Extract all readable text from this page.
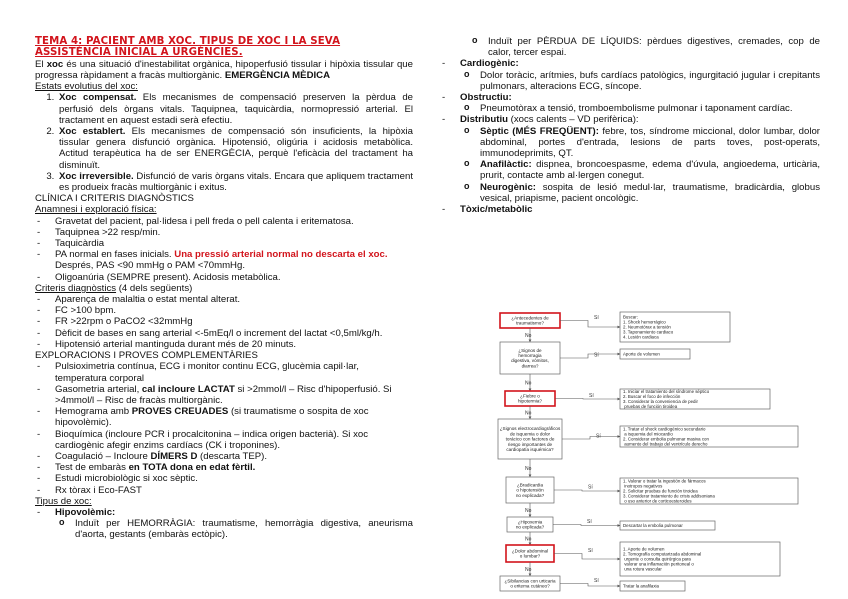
TEMA 4: PACIENT AMB XOC. TIPUS DE XOC I LA SEVA ASSISTÈNCIA INICIAL A URGÈNCIES.

El xoc és una situació d'inestabilitat orgànica, hipoperfusió tissular i hipòxia tissular que progressa ràpidament a fracàs multiorgànic. EMERGÈNCIA MÈDICA

Estats evolutius del xoc:

1. Xoc compensat. Els mecanismes de compensació preserven la pèrdua de perfusió dels òrgans vitals. Taquipnea, taquicàrdia, normopressió arterial. El tractament en aquest estadi serà efectiu.
2. Xoc establert. Els mecanismes de compensació són insuficients, la hipòxia tissular genera disfunció orgànica. Hipotensió, oligúria i acidosis metabòlica. Actitud terapèutica ha de ser ENERGÈCIA, perquè l'eficàcia del tractament ha disminuït.
3. Xoc irreversible. Disfunció de varis òrgans vitals. Encara que apliquem tractament es produeix fracàs multiorgànic i exitus.

CLÍNICA I CRITERIS DIAGNÒSTICS

Anamnesi i exploració física:

- Gravetat del pacient, pal·lidesa i pell freda o pell calenta i eritematosa.
- Taquipnea >22 resp/min.
- Taquicàrdia
- PA normal en fases inicials. Una pressió arterial normal no descarta el xoc. Després, PAS <90 mmHg o PAM <70mmHg.
- Oligoanúria (SEMPRE present). Acidosis metabòlica.

Criteris diagnòstics (4 dels següents)

- Aparença de malaltia o estat mental alterat.
- FC >100 bpm.
- FR >22rpm o PaCO2 <32mmHg
- Dèficit de bases en sang arterial <-5mEq/l o increment del lactat <0,5ml/kg/h.
- Hipotensió arterial mantinguda durant més de 20 minuts.

EXPLORACIONS I PROVES COMPLEMENTÀRIES

- Pulsioximetria contínua, ECG i monitor continu ECG, glucèmia capil·lar, temperatura corporal
- Gasometria arterial, cal incloure LACTAT si >2mmol/l – Risc d'hipoperfusió. Si >4mmol/l – Risc de fracàs multiorgànic.
- Hemograma amb PROVES CREUADES (si traumatisme o sospita de xoc hipovolèmic).
- Bioquímica (incloure PCR i procalcitonina – indica origen bacterià). Si xoc cardiogènic afegir enzims cardíacs (CK i troponines).
- Coagulació – Incloure DÍMERS D (descarta TEP).
- Test de embaràs en TOTA dona en edat fèrtil.
- Estudi microbiològic si xoc sèptic.
- Rx tòrax i Eco-FAST

Tipus de xoc:

- Hipovolèmic:
o Induït per HEMORRÀGIA: traumatisme, hemorràgia digestiva, aneurisma d'aorta, gestants (embaràs ectòpic).
o Induït per PÈRDUA DE LÍQUIDS: pèrdues digestives, cremades, cop de calor, tercer espai.
- Cardiogènic:
o Dolor toràcic, arítmies, bufs cardíacs patològics, ingurgitació jugular i crepitants pulmonars, alteracions ECG, síncope.
- Obstructiu:
o Pneumotòrax a tensió, tromboembolisme pulmonar i taponament cardíac.
- Distributiu (xocs calents – VD perifèrica):
o Sèptic (MÉS FREQÜENT): febre, tos, síndrome miccional, dolor lumbar, dolor abdominal, portes d'entrada, lesions de parts toves, post-operats, immunodeprimits, QT.
o Anafilàctic: dispnea, broncoespasme, edema d'úvula, angioedema, urticària, prurit, contacte amb al·lergen conegut.
o Neurogènic: sospita de lesió medul·lar, traumatisme, bradicàrdia, globus vesical, priapisme, pacient oncològic.
- Tòxic/metabòlic
¿Antecedentes de traumatismo?
Buscar: 1. Shock hemorrágico 2. Neumotórax a tensión 3. Taponamiento cardiaco 4. Lesión cardiaca
Sí
No
¿Signos de hemorragia digestiva, vómitos, diarrea?
Aporte de volumen
Sí
No
¿Fiebre o hipotermia?
1. Iniciar el tratamiento del síndrome séptico 2. Buscar el foco de infección 3. Considerar la conveniencia de pedir pruebas de función tiroidea
Sí
No
¿Signos electrocardiográficos de isquemia o dolor torácico con factores de riesgo importantes de cardiopatía isquémica?
1. Tratar el shock cardiogénico secundario a isquemia del miocardio 2. Considerar embolia pulmonar masiva con aumento del trabajo del ventrículo derecho
Sí
No
¿Bradicardia o hipotensión no explicada?
1. Valorar o tratar la ingestión de fármacos inotropos negativos 2. Solicitar pruebas de función tiroidea 3. Considerar tratamiento de crisis addisoniana o uso anterior de corticoesteroides
Sí
No
¿Hipoxemia no explicada?	Descartar la embolia pulmonar
Sí
No
¿Dolor abdominal o lumbar?
1. Aporte de volumen 2. Tomografía computarizada abdominal urgente o consulta quirúrgica para valorar una inflamación peritoneal o una rotura vascular
Sí
No
¿Sibilancias con urticaria o eritema cutáneo?	Tratar la anafilaxia
Sí
